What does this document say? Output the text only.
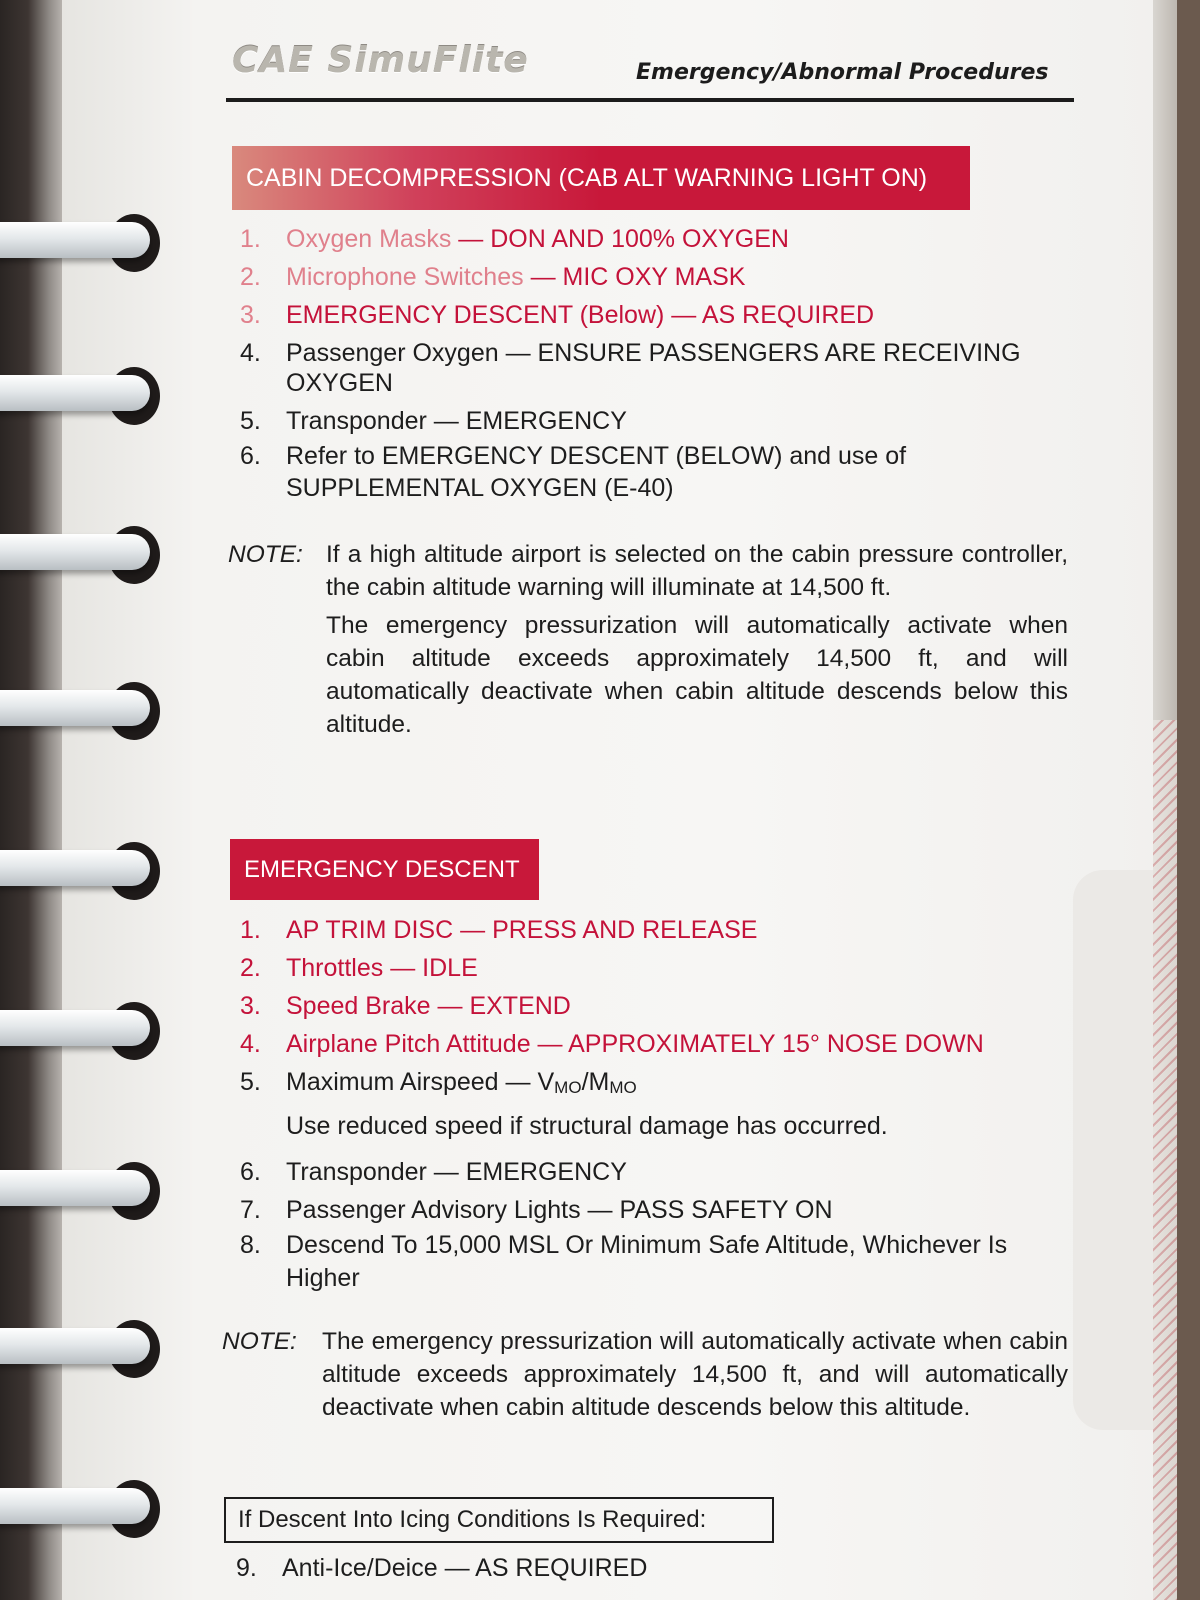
CAE SimuFlite	Emergency/Abnormal Procedures
CABIN DECOMPRESSION (CAB ALT WARNING LIGHT ON)
1.	Oxygen Masks — DON AND 100% OXYGEN
2.	Microphone Switches — MIC OXY MASK
3.	EMERGENCY DESCENT (Below) — AS REQUIRED
4.	Passenger Oxygen — ENSURE PASSENGERS ARE RECEIVING OXYGEN
5.	Transponder — EMERGENCY
6.	Refer to EMERGENCY DESCENT (BELOW) and use of SUPPLEMENTAL OXYGEN (E-40)
NOTE: If a high altitude airport is selected on the cabin pressure controller, the cabin altitude warning will illuminate at 14,500 ft.

The emergency pressurization will automatically activate when cabin altitude exceeds approximately 14,500 ft, and will automatically deactivate when cabin altitude descends below this altitude.

EMERGENCY DESCENT
1.	AP TRIM DISC — PRESS AND RELEASE
2.	Throttles — IDLE
3.	Speed Brake — EXTEND
4.	Airplane Pitch Attitude — APPROXIMATELY 15° NOSE DOWN
5.	Maximum Airspeed — $V_{MO}/M_{MO}$
Use reduced speed if structural damage has occurred.
6.	Transponder — EMERGENCY
7.	Passenger Advisory Lights — PASS SAFETY ON
8.	Descend To 15,000 MSL Or Minimum Safe Altitude, Whichever Is Higher
NOTE:	The emergency pressurization will automatically activate when cabin altitude exceeds approximately 14,500 ft, and will automatically deactivate when cabin altitude descends below this altitude.

If Descent Into Icing Conditions Is Required:
9.	Anti-Ice/Deice — AS REQUIRED
